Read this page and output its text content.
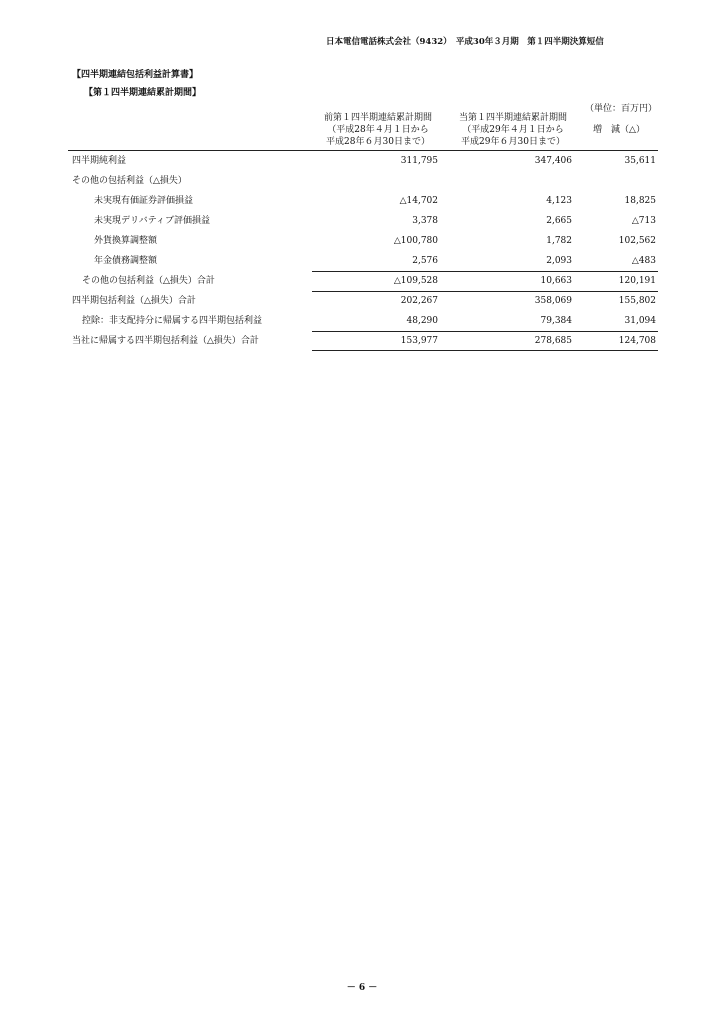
日本電信電話株式会社（9432）　平成30年３月期　第１四半期決算短信
【四半期連結包括利益計算書】
【第１四半期連結累計期間】
（単位：百万円）
前第１四半期連結累計期間
（平成28年４月１日から
平成28年６月30日まで）
当第１四半期連結累計期間
（平成29年４月１日から
平成29年６月30日まで）
増　減（△）
四半期純利益	311,795	347,406	35,611
その他の包括利益（△損失）
未実現有価証券評価損益	△14,702	4,123	18,825
未実現デリバティブ評価損益	3,378	2,665	△713
外貨換算調整額	△100,780	1,782	102,562
年金債務調整額	2,576	2,093	△483
その他の包括利益（△損失）合計	△109,528	10,663	120,191
四半期包括利益（△損失）合計	202,267	358,069	155,802
控除：非支配持分に帰属する四半期包括利益	48,290	79,384	31,094
当社に帰属する四半期包括利益（△損失）合計	153,977	278,685	124,708
－ 6 －
